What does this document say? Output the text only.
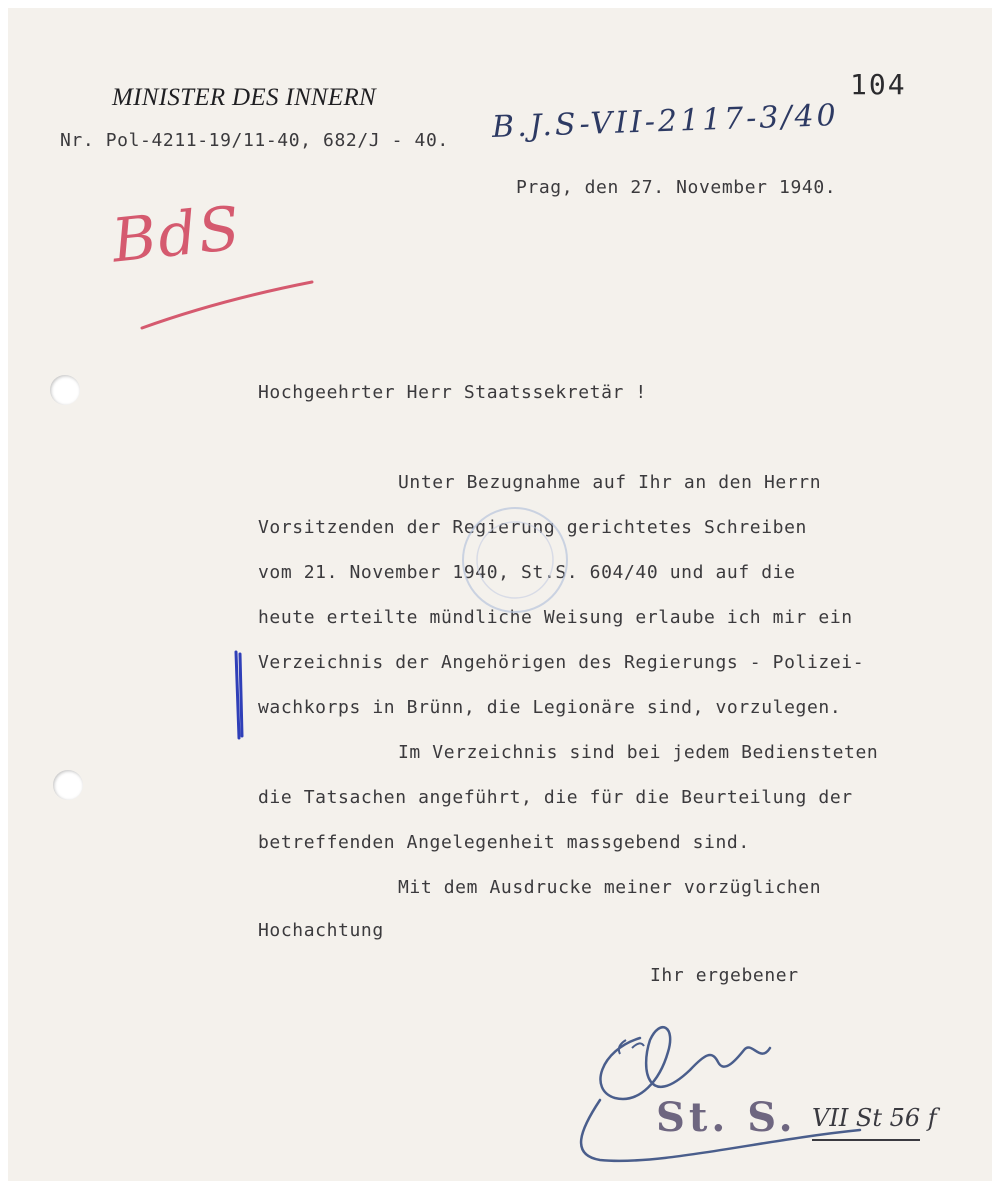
MINISTER DES INNERN	104

Nr. Pol-4211-19/11-40, 682/J - 40. B.J.S-VII-2117-3/40

Prag, den 27. November 1940.

BdS

Hochgeehrter Herr Staatssekretär !

Unter Bezugnahme auf Ihr an den Herrn

Vorsitzenden der Regierung gerichtetes Schreiben

vom 21. November 1940, St.S. 604/40 und auf die

heute erteilte mündliche Weisung erlaube ich mir ein

Verzeichnis der Angehörigen des Regierungs - Polizei-

wachkorps in Brünn, die Legionäre sind, vorzulegen.

Im Verzeichnis sind bei jedem Bediensteten

die Tatsachen angeführt, die für die Beurteilung der

betreffenden Angelegenheit massgebend sind.

Mit dem Ausdrucke meiner vorzüglichen

Hochachtung

Ihr ergebener

St. S. VII St 56 f
